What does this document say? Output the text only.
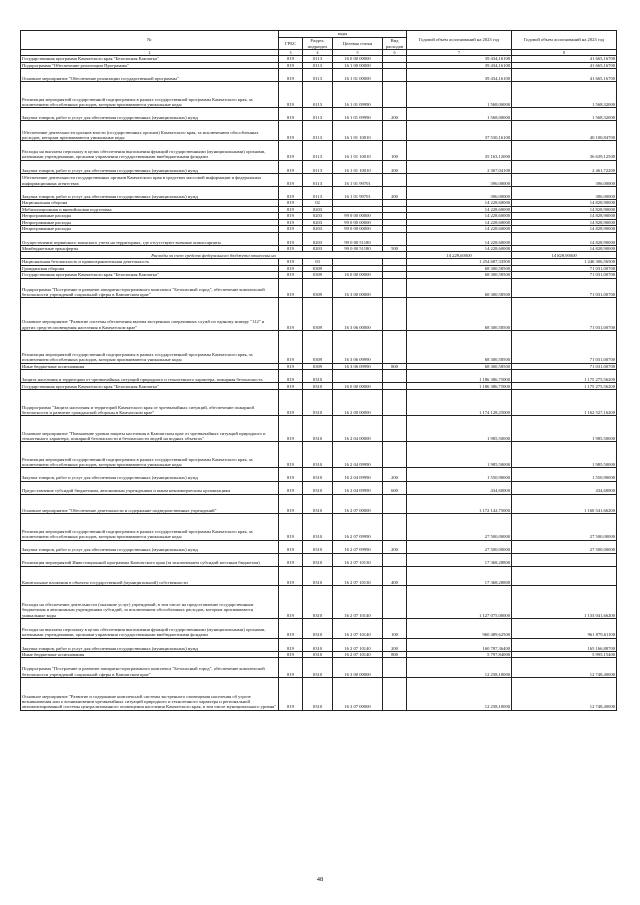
№	коды				Годовой объем ассигнований на 2023 год	Годовой объем ассигнований на 2023 год
	ГРБС	Раздел, подраздел	Целевая статья	Вид расходов		
2	3	4	5	6	7	8
Государственная программа Камчатского края "Безопасная Камчатка"	819	0113	16 0 00 00000		39 434,16100	41 665,16700
Подпрограмма "Обеспечение реализации Программы"	819	0113	16 1 00 00000		39 434,16100	41 665,16700
Основное мероприятие "Обеспечение реализации государственной программы"	819	0113	16 1 01 00000		39 434,16100	41 665,16700
Реализация мероприятий государственной подпрограммы в рамках государственной программы Камчатского края, за исключением обособленных расходов, которым присваиваются уникальные коды	819	0113	16 1 01 09990		1 568,00000	1 568,32000
Закупка товаров, работ и услуг для обеспечения государственных (муниципальных) нужд	819	0113	16 1 01 09990	200	1 568,00000	1 568,32000
Обеспечение деятельности органов власти (государственных органов) Камчатского края, за исключением обособленных расходов, которым присваиваются уникальные коды	819	0113	16 1 01 10010		37 530,16100	40 100,84700
Расходы на выплаты персоналу в целях обеспечения выполнения функций государственными (муниципальными) органами, казенными учреждениями, органами управления государственными внебюджетными фондами	819	0113	16 1 01 10010	100	35 163,12000	36 639,12500
Закупка товаров, работ и услуг для обеспечения государственных (муниципальных) нужд	819	0113	16 1 01 10010	200	2 367,04100	2 461,72200
Обеспечение деятельности государственных органов Камчатского края в средствах массовой информации и федеральных информационных агентствах	819	0113	16 1 01 99701		396,00000	396,00000
Закупка товаров, работ и услуг для обеспечения государственных (муниципальных) нужд	819	0113	16 1 01 99701	200	396,00000	396,00000
Национальная оборона	819	02			14 228,60000	14 828,90000
Мобилизационная и вневойсковая подготовка	819	0203			14 228,60000	14 828,90000
Непрограммные расходы	819	0203	99 0 00 00000		14 228,60000	14 828,90000
Непрограммные расходы	819	0203	99 0 00 00000		14 228,60000	14 828,90000
Непрограммные расходы	819	0203	99 0 00 00000		14 228,60000	14 828,90000
Осуществление первичного воинского учета на территориях, где отсутствуют военные комиссариаты	819	0203	99 0 00 51180		14 228,60000	14 828,90000
Межбюджетные трансферты	819	0203	99 0 00 51180	500	14 228,60000	14 828,90000
Расходы за счет средств федерального бюджета отнесены на					14 228,60000	14 828,90000
Национальная безопасность и правоохранительная деятельность	819	03			1 254 687,33500	1 246 306,56500
Гражданская оборона	819	0309			68 300,58500	71 031,00700
Государственная программа Камчатского края "Безопасная Камчатка"	819	0309	16 0 00 00000		68 300,58500	71 031,00700
Подпрограмма "Построение и развитие аппаратно-программного комплекса "Безопасный город", обеспечение комплексной безопасности учреждений социальной сферы в Камчатском крае"	819	0309	16 3 00 00000		68 300,58500	71 031,00700
Основное мероприятие "Развитие системы обеспечения вызова экстренных оперативных служб по единому номеру "112" и других средств оповещения населения в Камчатском крае"	819	0309	16 3 06 00000		68 300,58500	71 031,00700
Реализация мероприятий государственной подпрограммы в рамках государственной программы Камчатского края, за исключением обособленных расходов, которым присваиваются уникальные коды	819	0309	16 3 06 09990		68 300,58500	71 031,00700
Иные бюджетные ассигнования	819	0309	16 3 06 09990	800	68 300,58500	71 031,00700
Защита населения и территории от чрезвычайных ситуаций природного и техногенного характера, пожарная безопасность	819	0310			1 186 386,75000	1 175 275,56200
Государственная программа Камчатского края "Безопасная Камчатка"	819	0310	16 0 00 00000		1 186 386,75000	1 175 275,56200
Подпрограмма "Защита населения и территорий Камчатского края от чрезвычайных ситуаций, обеспечение пожарной безопасности и развитие гражданской обороны в Камчатском крае"	819	0310	16 2 00 00000		1 174 128,25000	1 162 527,16200
Основное мероприятие "Повышение уровня защиты населения в Камчатском крае от чрезвычайных ситуаций природного и техногенного характера, пожарной безопасности и безопасности людей на водных объектах"	819	0310	16 2 04 00000		1 985,50000	1 985,50000
Реализация мероприятий государственной подпрограммы в рамках государственной программы Камчатского края, за исключением обособленных расходов, которым присваиваются уникальные коды	819	0310	16 2 04 09990		1 985,50000	1 985,50000
Закупка товаров, работ и услуг для обеспечения государственных (муниципальных) нужд	819	0310	16 2 04 09990	200	1 550,90000	1 550,90000
Предоставление субсидий бюджетным, автономным учреждениям и иным некоммерческим организациям	819	0310	16 2 04 09990	600	434,60000	434,60000
Основное мероприятие "Обеспечение деятельности и содержание подведомственных учреждений"	819	0310	16 2 07 00000		1 172 142,75000	1 160 541,66200
Реализация мероприятий государственной подпрограммы в рамках государственной программы Камчатского края, за исключением обособленных расходов, которым присваиваются уникальные коды	819	0310	16 2 07 09990		27 500,00000	27 500,00000
Закупка товаров, работ и услуг для обеспечения государственных (муниципальных) нужд	819	0310	16 2 07 09990	200	27 500,00000	27 500,00000
Реализация мероприятий Инвестиционной программы Камчатского края (за исключением субсидий местным бюджетам)	819	0310	16 2 07 10130		17 368,28800	
Капитальные вложения в объекты государственной (муниципальной) собственности	819	0310	16 2 07 10130	400	17 368,28800	
Расходы на обеспечение деятельности (оказание услуг) учреждений, в том числе на предоставление государственным бюджетным и автономным учреждениям субсидий, за исключением обособленных расходов, которым присваиваются уникальные коды	819	0310	16 2 07 10140		1 127 075,00000	1 133 041,66200
Расходы на выплаты персоналу в целях обеспечения выполнения функций государственными (муниципальными) органами, казенными учреждениями, органами управления государственными внебюджетными фондами	819	0310	16 2 07 10140	100	960 489,62500	961 879,61100
Закупка товаров, работ и услуг для обеспечения государственных (муниципальных) нужд	819	0310	16 2 07 10140	200	160 787,36400	165 166,88700
Иные бюджетные ассигнования	819	0310	16 2 07 10140	800	5 797,84000	5 995,15400
Подпрограмма "Построение и развитие аппаратно-программного комплекса "Безопасный город", обеспечение комплексной безопасности учреждений социальной сферы в Камчатском крае"	819	0310	16 3 00 00000		12 258,10000	12 748,40000
Основное мероприятие "Развитие и содержание комплексной системы экстренного оповещения населения об угрозе возникновения или о возникновении чрезвычайных ситуаций природного и техногенного характера и региональной автоматизированной системы централизованного оповещения населения Камчатского края, в том числе муниципального уровня"	819	0310	16 3 07 00000		12 258,10000	12 748,40000
48
